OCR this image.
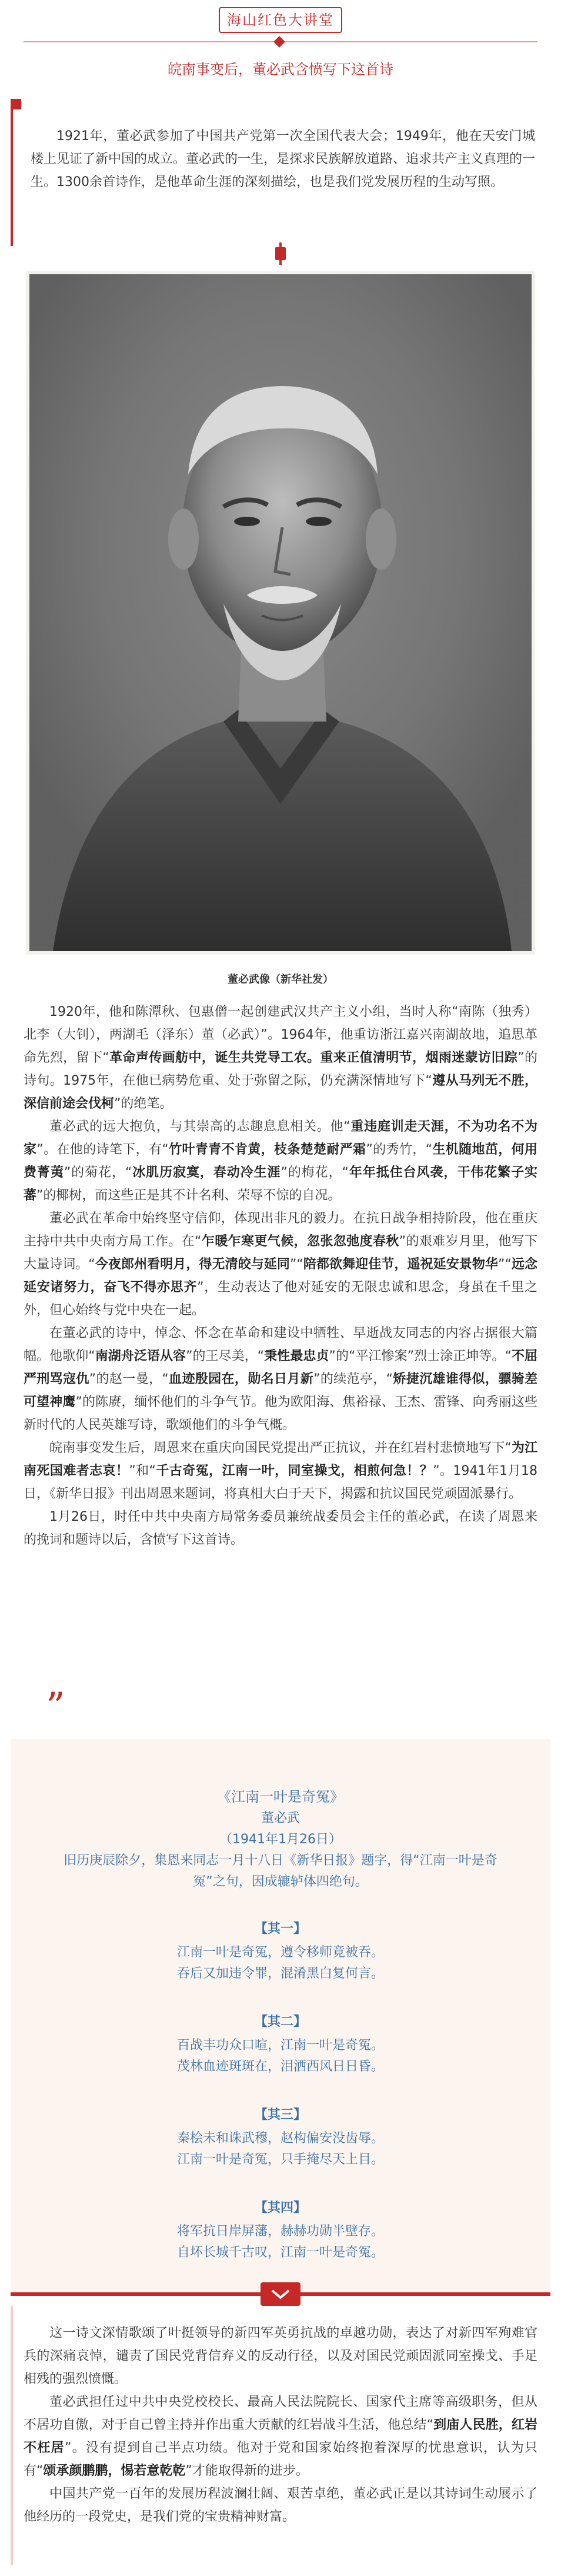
海山红色大讲堂
皖南事变后，董必武含愤写下这首诗

1921年，董必武参加了中国共产党第一次全国代表大会；1949年，他在天安门城楼上见证了新中国的成立。董必武的一生，是探求民族解放道路、追求共产主义真理的一生。1300余首诗作，是他革命生涯的深刻描绘，也是我们党发展历程的生动写照。

董必武像（新华社发）

1920年，他和陈潭秋、包惠僧一起创建武汉共产主义小组，当时人称“南陈（独秀）北李（大钊），两湖毛（泽东）董（必武）”。1964年，他重访浙江嘉兴南湖故地，追思革命先烈，留下“革命声传画舫中，诞生共党导工农。重来正值清明节，烟雨迷蒙访旧踪”的诗句。1975年，在他已病势危重、处于弥留之际，仍充满深情地写下“遵从马列无不胜，深信前途会伐柯”的绝笔。

董必武的远大抱负，与其崇高的志趣息息相关。他“重违庭训走天涯，不为功名不为家”。在他的诗笔下，有“竹叶青青不肯黄，枝条楚楚耐严霜”的秀竹，“生机随地茁，何用费菁荑”的菊花，“冰肌历寂寞，春动冷生涯”的梅花，“年年抵住台风袭，干伟花繁子实蕃”的椰树，而这些正是其不计名利、荣辱不惊的自况。

董必武在革命中始终坚守信仰，体现出非凡的毅力。在抗日战争相持阶段，他在重庆主持中共中央南方局工作。在“乍暖乍寒更气候，忽张忽弛度春秋”的艰难岁月里，他写下大量诗词。“今夜郎州看明月，得无清皎与延同”“陪都欲舞迎佳节，遥祝延安景物华”“远念延安诸努力，奋飞不得亦思齐”，生动表达了他对延安的无限忠诚和思念，身虽在千里之外，但心始终与党中央在一起。

在董必武的诗中，悼念、怀念在革命和建设中牺牲、早逝战友同志的内容占据很大篇幅。他歌仰“南湖舟泛语从容”的王尽美，“秉性最忠贞”的“平江惨案”烈士涂正坤等。“不屈严刑骂寇仇”的赵一曼，“血迹殷园在，勋名日月新”的续范亭，“矫捷沉雄谁得似，骠骑差可望神鹰”的陈赓，缅怀他们的斗争气节。他为欧阳海、焦裕禄、王杰、雷锋、向秀丽这些新时代的人民英雄写诗，歌颂他们的斗争气概。

皖南事变发生后，周恩来在重庆向国民党提出严正抗议，并在红岩村悲愤地写下“为江南死国难者志哀！”和“千古奇冤，江南一叶，同室操戈，相煎何急！？”。1941年1月18日，《新华日报》刊出周恩来题词，将真相大白于天下，揭露和抗议国民党顽固派暴行。

1月26日，时任中共中央南方局常务委员兼统战委员会主任的董必武，在读了周恩来的挽词和题诗以后，含愤写下这首诗。

”
《江南一叶是奇冤》
董必武
（1941年1月26日）
旧历庚辰除夕，集恩来同志一月十八日《新华日报》题字，得“江南一叶是奇
冤”之句，因成辘轳体四绝句。
【其一】
江南一叶是奇冤，遵令移师竟被吞。
吞后又加违令罪，混淆黑白复何言。
【其二】
百战丰功众口喧，江南一叶是奇冤。
茂林血迹斑斑在，泪洒西风日日昏。
【其三】
秦桧未和诛武穆，赵构偏安没齿辱。
江南一叶是奇冤，只手掩尽天上目。
【其四】
将军抗日岸屏藩，赫赫功勋半壁存。
自坏长城千古叹，江南一叶是奇冤。

这一诗文深情歌颂了叶挺领导的新四军英勇抗战的卓越功勋，表达了对新四军殉难官兵的深痛哀悼，谴责了国民党背信弃义的反动行径，以及对国民党顽固派同室操戈、手足相残的强烈愤慨。

董必武担任过中共中央党校校长、最高人民法院院长、国家代主席等高级职务，但从不居功自傲，对于自己曾主持并作出重大贡献的红岩战斗生活，他总结“到庙人民胜，红岩不枉居”。没有提到自己半点功绩。他对于党和国家始终抱着深厚的忧患意识，认为只有“颂承颜鹏鹏，惕若意乾乾”才能取得新的进步。

中国共产党一百年的发展历程波澜壮阔、艰苦卓绝，董必武正是以其诗词生动展示了他经历的一段党史，是我们党的宝贵精神财富。
